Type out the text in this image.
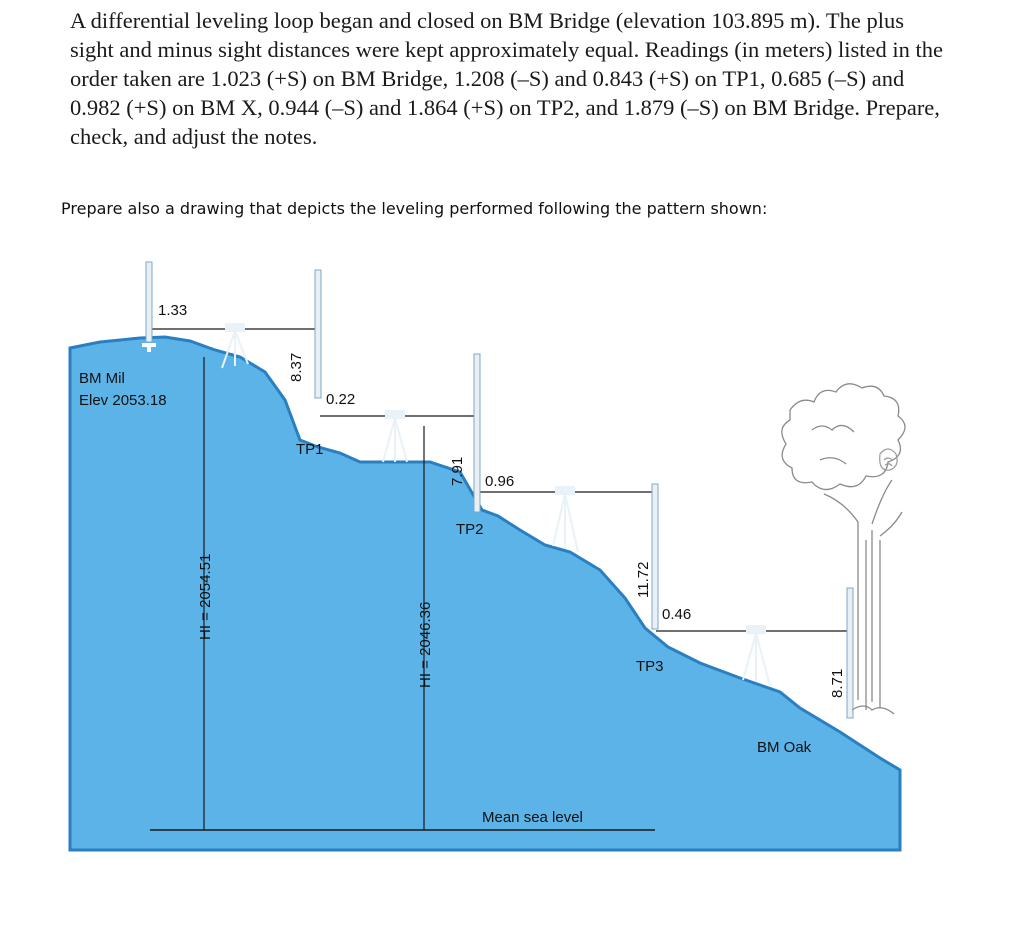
A differential leveling loop began and closed on BM Bridge (elevation 103.895 m). The plus sight and minus sight distances were kept approximately equal. Readings (in meters) listed in the order taken are 1.023 (+S) on BM Bridge, 1.208 (–S) and 0.843 (+S) on TP1, 0.685 (–S) and 0.982 (+S) on BM X, 0.944 (–S) and 1.864 (+S) on TP2, and 1.879 (–S) on BM Bridge. Prepare, check, and adjust the notes.

Prepare also a drawing that depicts the leveling performed following the pattern shown:
1.33
BM Mil
Elev 2053.18
8.37
0.22
TP1
7.91 0.96
TP2
11.72
0.46
TP3
8.71
BM Oak
HI = 2054.51
HI = 2046.36
Mean sea level
